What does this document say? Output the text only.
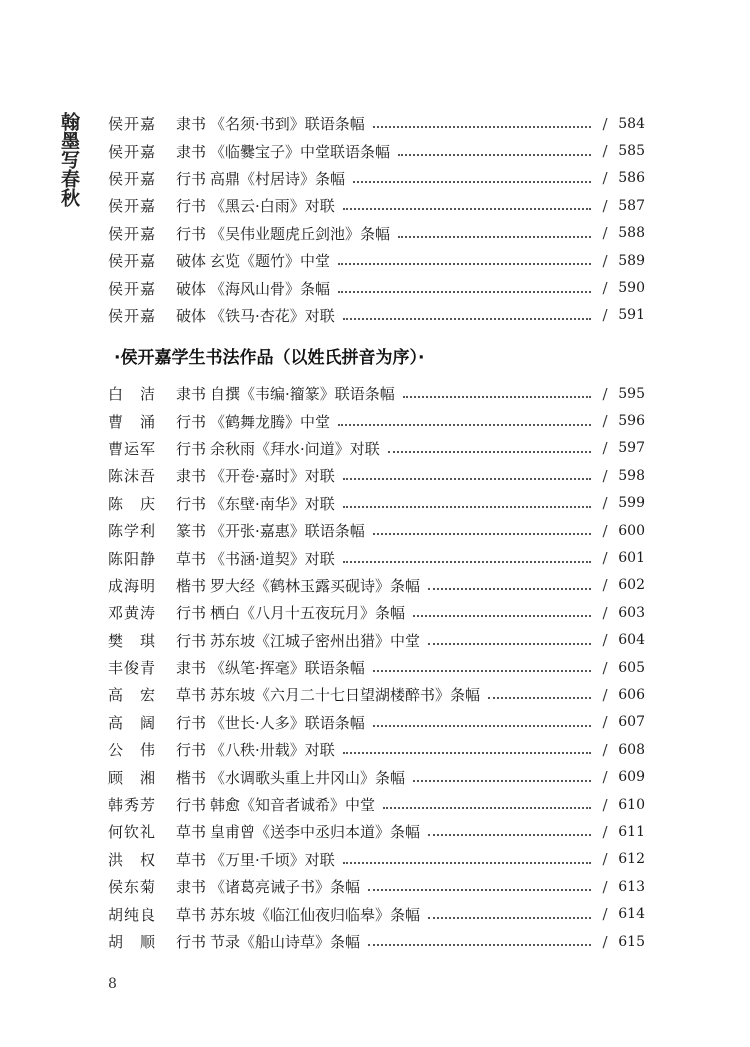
翰墨写春秋 侯开嘉	隶书 《名须·书到》联语条幅	/ 584
侯开嘉	隶书 《临爨宝子》中堂联语条幅	/ 585
侯开嘉	行书 高鼎《村居诗》条幅	/ 586
侯开嘉	行书 《黑云·白雨》对联	/ 587
侯开嘉	行书 《吴伟业题虎丘剑池》条幅	/ 588
侯开嘉	破体 玄览《题竹》中堂	/ 589
侯开嘉	破体 《海风山骨》条幅	/ 590
侯开嘉	破体 《铁马·杏花》对联	/ 591
·侯开嘉学生书法作品（以姓氏拼音为序）·
白　洁	隶书 自撰《韦编·籀篆》联语条幅	/ 595
曹　涌	行书 《鹤舞龙腾》中堂	/ 596
曹运军	行书 余秋雨《拜水·问道》对联	/ 597
陈沫吾	隶书 《开卷·嘉时》对联	/ 598
陈　庆	行书 《东壁·南华》对联	/ 599
陈学利	篆书 《开张·嘉惠》联语条幅	/ 600
陈阳静	草书 《书涵·道契》对联	/ 601
成海明	楷书 罗大经《鹤林玉露买砚诗》条幅	/ 602
邓黄涛	行书 栖白《八月十五夜玩月》条幅	/ 603
樊　琪	行书 苏东坡《江城子密州出猎》中堂	/ 604
丰俊青	隶书 《纵笔·挥毫》联语条幅	/ 605
高　宏	草书 苏东坡《六月二十七日望湖楼醉书》条幅	/ 606
高　阔	行书 《世长·人多》联语条幅	/ 607
公　伟	行书 《八秩·卅载》对联	/ 608
顾　湘	楷书 《水调歌头重上井冈山》条幅	/ 609
韩秀芳	行书 韩愈《知音者诚希》中堂	/ 610
何钦礼	草书 皇甫曾《送李中丞归本道》条幅	/ 611
洪　权	草书 《万里·千顷》对联	/ 612
侯东菊	隶书 《诸葛亮诫子书》条幅	/ 613
胡纯良	草书 苏东坡《临江仙夜归临皋》条幅	/ 614
胡　顺	行书 节录《船山诗草》条幅	/ 615
8
